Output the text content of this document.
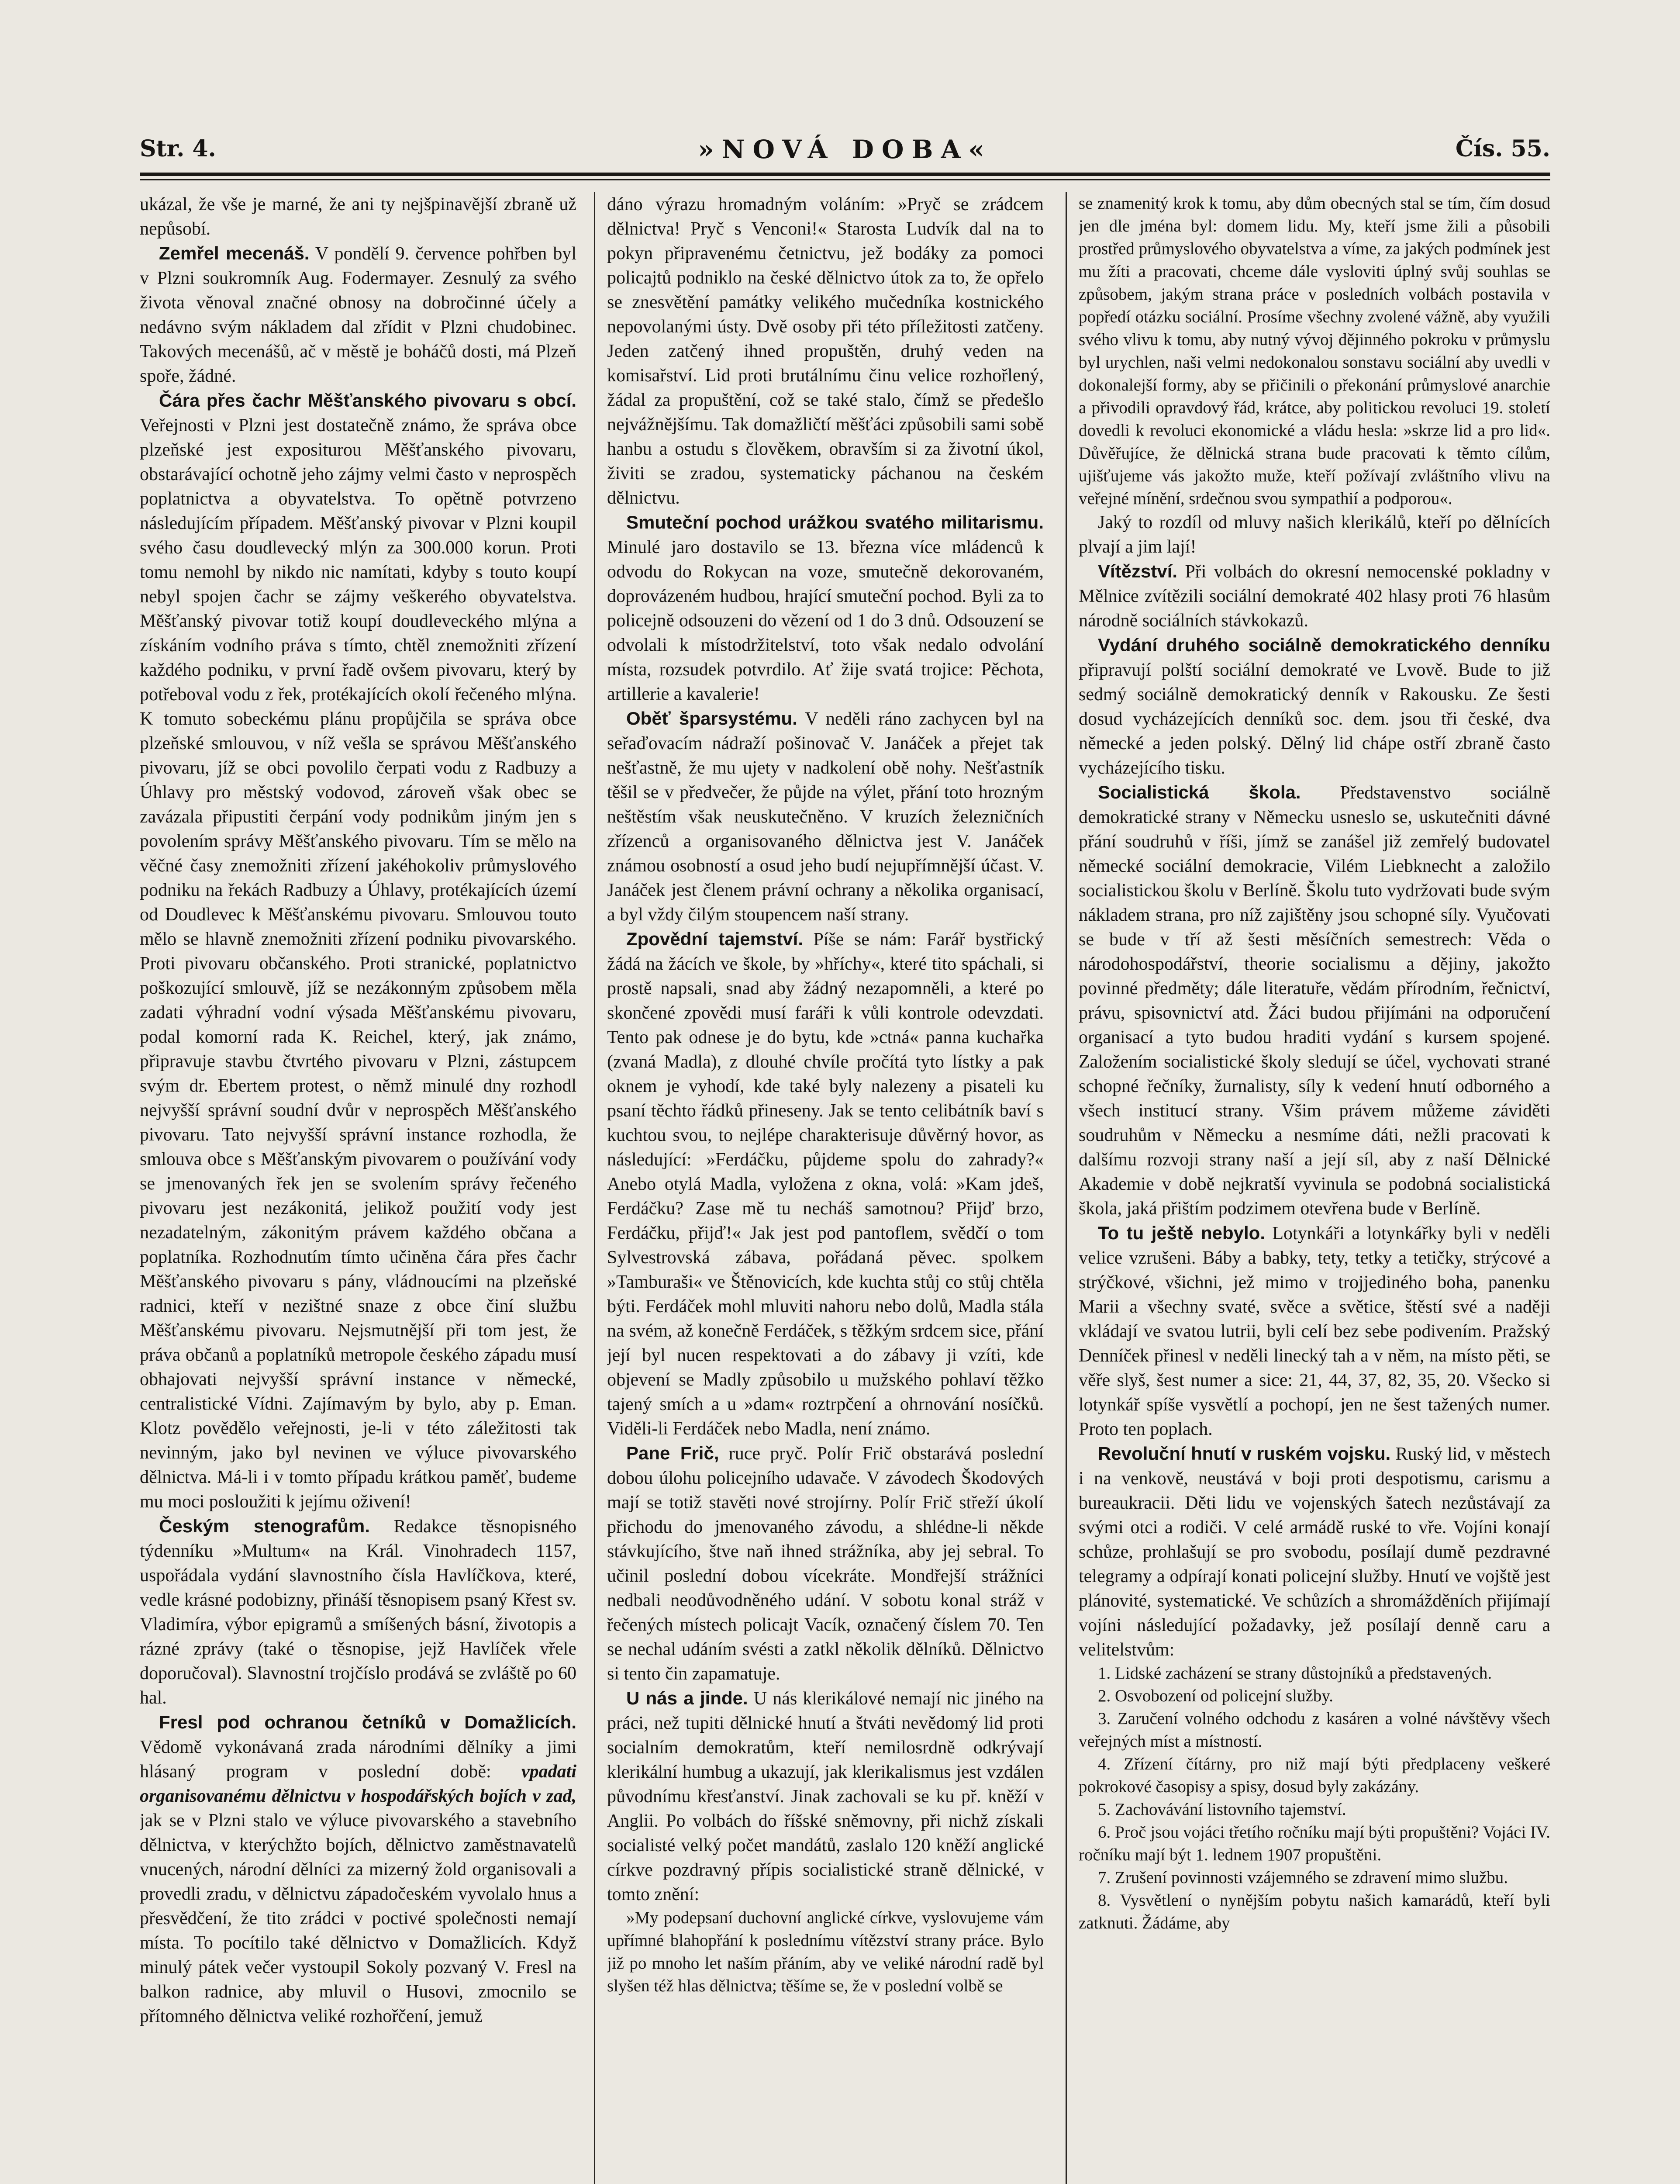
Str. 4.	»NOVÁ DOBA«	Čís. 55.

ukázal, že vše je marné, že ani ty nejšpinavější zbraně už nepůsobí.

Zemřel mecenáš. V pondělí 9. července pohřben byl v Plzni soukromník Aug. Fodermayer. Zesnulý za svého života věnoval značné obnosy na dobročinné účely a nedávno svým nákladem dal zřídit v Plzni chudobinec. Takových mecenášů, ač v městě je boháčů dosti, má Plzeň spoře, žádné.

Čára přes čachr Měšťanského pivovaru s obcí. Veřejnosti v Plzni jest dostatečně známo, že správa obce plzeňské jest expositurou Měšťanského pivovaru, obstarávající ochotně jeho zájmy velmi často v neprospěch poplatnictva a obyvatelstva. To opětně potvrzeno následujícím případem. Měšťanský pivovar v Plzni koupil svého času doudlevecký mlýn za 300.000 korun. Proti tomu nemohl by nikdo nic namítati, kdyby s touto koupí nebyl spojen čachr se zájmy veškerého obyvatelstva. Měšťanský pivovar totiž koupí doudleveckého mlýna a získáním vodního práva s tímto, chtěl znemožniti zřízení každého podniku, v první řadě ovšem pivovaru, který by potřeboval vodu z řek, protékajících okolí řečeného mlýna. K tomuto sobeckému plánu propůjčila se správa obce plzeňské smlouvou, v níž vešla se správou Měšťanského pivovaru, jíž se obci povolilo čerpati vodu z Radbuzy a Úhlavy pro městský vodovod, zároveň však obec se zavázala připustiti čerpání vody podnikům jiným jen s povolením správy Měšťanského pivovaru. Tím se mělo na věčné časy znemožniti zřízení jakéhokoliv průmyslového podniku na řekách Radbuzy a Úhlavy, protékajících území od Doudlevec k Měšťanskému pivovaru. Smlouvou touto mělo se hlavně znemožniti zřízení podniku pivovarského. Proti pivovaru občanského. Proti stranické, poplatnictvo poškozující smlouvě, jíž se nezákonným způsobem měla zadati výhradní vodní výsada Měšťanskému pivovaru, podal komorní rada K. Reichel, který, jak známo, připravuje stavbu čtvrtého pivovaru v Plzni, zástupcem svým dr. Ebertem protest, o němž minulé dny rozhodl nejvyšší správní soudní dvůr v neprospěch Měšťanského pivovaru. Tato nejvyšší správní instance rozhodla, že smlouva obce s Měšťanským pivovarem o používání vody se jmenovaných řek jen se svolením správy řečeného pivovaru jest nezákonitá, jelikož použití vody jest nezadatelným, zákonitým právem každého občana a poplatníka. Rozhodnutím tímto učiněna čára přes čachr Měšťanského pivovaru s pány, vládnoucími na plzeňské radnici, kteří v nezištné snaze z obce činí službu Měšťanskému pivovaru. Nejsmutnější při tom jest, že práva občanů a poplatníků metropole českého západu musí obhajovati nejvyšší správní instance v německé, centralistické Vídni. Zajímavým by bylo, aby p. Eman. Klotz povědělo veřejnosti, je-li v této záležitosti tak nevinným, jako byl nevinen ve výluce pivovarského dělnictva. Má-li i v tomto případu krátkou paměť, budeme mu moci posloužiti k jejímu oživení!

Českým stenografům. Redakce těsnopisného týdenníku »Multum« na Král. Vinohradech 1157, uspořádala vydání slavnostního čísla Havlíčkova, které, vedle krásné podobizny, přináší těsnopisem psaný Křest sv. Vladimíra, výbor epigramů a smíšených básní, životopis a rázné zprávy (také o těsnopise, jejž Havlíček vřele doporučoval). Slavnostní trojčíslo prodává se zvláště po 60 hal.

Fresl pod ochranou četníků v Domažlicích. Vědomě vykonávaná zrada národními dělníky a jimi hlásaný program v poslední době: vpadati organisovanému dělnictvu v hospodářských bojích v zad, jak se v Plzni stalo ve výluce pivovarského a stavebního dělnictva, v kterýchžto bojích, dělnictvo zaměstnavatelů vnucených, národní dělníci za mizerný žold organisovali a provedli zradu, v dělnictvu západočeském vyvolalo hnus a přesvědčení, že tito zrádci v poctivé společnosti nemají místa. To pocítilo také dělnictvo v Domažlicích. Když minulý pátek večer vystoupil Sokoly pozvaný V. Fresl na balkon radnice, aby mluvil o Husovi, zmocnilo se přítomného dělnictva veliké rozhořčení, jemuž

dáno výrazu hromadným voláním: »Pryč se zrádcem dělnictva! Pryč s Venconi!« Starosta Ludvík dal na to pokyn připravenému četnictvu, jež bodáky za pomoci policajtů podniklo na české dělnictvo útok za to, že opřelo se znesvětění památky velikého mučedníka kostnického nepovolanými ústy. Dvě osoby při této příležitosti zatčeny. Jeden zatčený ihned propuštěn, druhý veden na komisařství. Lid proti brutálnímu činu velice rozhořlený, žádal za propuštění, což se také stalo, čímž se předešlo nejvážnějšímu. Tak domažličtí měšťáci způsobili sami sobě hanbu a ostudu s člověkem, obravším si za životní úkol, živiti se zradou, systematicky páchanou na českém dělnictvu.

Smuteční pochod urážkou svatého militarismu. Minulé jaro dostavilo se 13. března více mládenců k odvodu do Rokycan na voze, smutečně dekorovaném, doprovázeném hudbou, hrající smuteční pochod. Byli za to policejně odsouzeni do vězení od 1 do 3 dnů. Odsouzení se odvolali k místodržitelství, toto však nedalo odvolání místa, rozsudek potvrdilo. Ať žije svatá trojice: Pěchota, artillerie a kavalerie!

Oběť šparsystému. V neděli ráno zachycen byl na seřaďovacím nádraží pošinovač V. Janáček a přejet tak nešťastně, že mu ujety v nadkolení obě nohy. Nešťastník těšil se v předvečer, že půjde na výlet, přání toto hrozným neštěstím však neuskutečněno. V kruzích železničních zřízenců a organisovaného dělnictva jest V. Janáček známou osobností a osud jeho budí nejupřímnější účast. V. Janáček jest členem právní ochrany a několika organisací, a byl vždy čilým stoupencem naší strany.

Zpovědní tajemství. Píše se nám: Farář bystřický žádá na žácích ve škole, by »hříchy«, které tito spáchali, si prostě napsali, snad aby žádný nezapomněli, a které po skončené zpovědi musí faráři k vůli kontrole odevzdati. Tento pak odnese je do bytu, kde »ctná« panna kuchařka (zvaná Madla), z dlouhé chvíle pročítá tyto lístky a pak oknem je vyhodí, kde také byly nalezeny a pisateli ku psaní těchto řádků přineseny. Jak se tento celibátník baví s kuchtou svou, to nejlépe charakterisuje důvěrný hovor, as následující: »Ferdáčku, půjdeme spolu do zahrady?« Anebo otylá Madla, vyložena z okna, volá: »Kam jdeš, Ferdáčku? Zase mě tu necháš samotnou? Přijď brzo, Ferdáčku, přijď!« Jak jest pod pantoflem, svědčí o tom Sylvestrovská zábava, pořádaná pěvec. spolkem »Tamburaši« ve Štěnovicích, kde kuchta stůj co stůj chtěla býti. Ferdáček mohl mluviti nahoru nebo dolů, Madla stála na svém, až konečně Ferdáček, s těžkým srdcem sice, přání její byl nucen respektovati a do zábavy ji vzíti, kde objevení se Madly způsobilo u mužského pohlaví těžko tajený smích a u »dam« roztrpčení a ohrnování nosíčků. Viděli-li Ferdáček nebo Madla, není známo.

Pane Frič, ruce pryč. Polír Frič obstarává poslední dobou úlohu policejního udavače. V závodech Škodových mají se totiž stavěti nové strojírny. Polír Frič střeží úkolí přichodu do jmenovaného závodu, a shlédne-li někde stávkujícího, štve naň ihned strážníka, aby jej sebral. To učinil poslední dobou vícekráte. Mondřejší strážníci nedbali neodůvodněného udání. V sobotu konal stráž v řečených místech policajt Vacík, označený číslem 70. Ten se nechal udáním svésti a zatkl několik dělníků. Dělnictvo si tento čin zapamatuje.

U nás a jinde. U nás klerikálové nemají nic jiného na práci, než tupiti dělnické hnutí a štváti nevědomý lid proti socialním demokratům, kteří nemilosrdně odkrývají klerikální humbug a ukazují, jak klerikalismus jest vzdálen původnímu křesťanství. Jinak zachovali se ku př. kněží v Anglii. Po volbách do říšské sněmovny, při nichž získali socialisté velký počet mandátů, zaslalo 120 kněží anglické církve pozdravný přípis socialistické straně dělnické, v tomto znění:

»My podepsaní duchovní anglické církve, vyslovujeme vám upřímné blahopřání k poslednímu vítězství strany práce. Bylo již po mnoho let naším přáním, aby ve veliké národní radě byl slyšen též hlas dělnictva; těšíme se, že v poslední volbě se

se znamenitý krok k tomu, aby dům obecných stal se tím, čím dosud jen dle jména byl: domem lidu. My, kteří jsme žili a působili prostřed průmyslového obyvatelstva a víme, za jakých podmínek jest mu žíti a pracovati, chceme dále vysloviti úplný svůj souhlas se způsobem, jakým strana práce v posledních volbách postavila v popředí otázku sociální. Prosíme všechny zvolené vážně, aby využili svého vlivu k tomu, aby nutný vývoj dějinného pokroku v průmyslu byl urychlen, naši velmi nedokonalou sonstavu sociální aby uvedli v dokonalejší formy, aby se přičinili o překonání průmyslové anarchie a přivodili opravdový řád, krátce, aby politickou revoluci 19. století dovedli k revoluci ekonomické a vládu hesla: »skrze lid a pro lid«. Důvěřujíce, že dělnická strana bude pracovati k těmto cílům, ujišťujeme vás jakožto muže, kteří požívají zvláštního vlivu na veřejné mínění, srdečnou svou sympathií a podporou«.

Jaký to rozdíl od mluvy našich klerikálů, kteří po dělnících plvají a jim lají!

Vítězství. Při volbách do okresní nemocenské pokladny v Mělnice zvítězili sociální demokraté 402 hlasy proti 76 hlasům národně sociálních stávkokazů.

Vydání druhého sociálně demokratického denníku připravují polští sociální demokraté ve Lvově. Bude to již sedmý sociálně demokratický denník v Rakousku. Ze šesti dosud vycházejících denníků soc. dem. jsou tři české, dva německé a jeden polský. Dělný lid chápe ostří zbraně často vycházejícího tisku.

Socialistická škola. Představenstvo sociálně demokratické strany v Německu usneslo se, uskutečniti dávné přání soudruhů v říši, jímž se zanášel již zemřelý budovatel německé sociální demokracie, Vilém Liebknecht a založilo socialistickou školu v Berlíně. Školu tuto vydržovati bude svým nákladem strana, pro níž zajištěny jsou schopné síly. Vyučovati se bude v tří až šesti měsíčních semestrech: Věda o národohospodářství, theorie socialismu a dějiny, jakožto povinné předměty; dále literatuře, vědám přírodním, řečnictví, právu, spisovnictví atd. Žáci budou přijímáni na odporučení organisací a tyto budou hraditi vydání s kursem spojené. Založením socialistické školy sledují se účel, vychovati strané schopné řečníky, žurnalisty, síly k vedení hnutí odborného a všech institucí strany. Všim právem můžeme záviděti soudruhům v Německu a nesmíme dáti, nežli pracovati k dalšímu rozvoji strany naší a její síl, aby z naší Dělnické Akademie v době nejkratší vyvinula se podobná socialistická škola, jaká přištím podzimem otevřena bude v Berlíně.

To tu ještě nebylo. Lotynkáři a lotynkářky byli v neděli velice vzrušeni. Báby a babky, tety, tetky a tetičky, strýcové a strýčkové, všichni, jež mimo v trojjediného boha, panenku Marii a všechny svaté, svěce a světice, štěstí své a naději vkládají ve svatou lutrii, byli celí bez sebe podivením. Pražský Denníček přinesl v neděli linecký tah a v něm, na místo pěti, se věře slyš, šest numer a sice: 21, 44, 37, 82, 35, 20. Všecko si lotynkář spíše vysvětlí a pochopí, jen ne šest tažených numer. Proto ten poplach.

Revoluční hnutí v ruském vojsku. Ruský lid, v městech i na venkově, neustává v boji proti despotismu, carismu a bureaukracii. Děti lidu ve vojenských šatech nezůstávají za svými otci a rodiči. V celé armádě ruské to vře. Vojíni konají schůze, prohlašují se pro svobodu, posílají dumě pezdravné telegramy a odpírají konati policejní služby. Hnutí ve vojště jest plánovité, systematické. Ve schůzích a shromážděních přijímají vojíni následující požadavky, jež posílají denně caru a velitelstvům:

1. Lidské zacházení se strany důstojníků a představených.

2. Osvobození od policejní služby.

3. Zaručení volného odchodu z kasáren a volné návštěvy všech veřejných míst a místností.

4. Zřízení čítárny, pro niž mají býti předplaceny veškeré pokrokové časopisy a spisy, dosud byly zakázány.

5. Zachovávání listovního tajemství.

6. Proč jsou vojáci třetího ročníku mají býti propuštěni? Vojáci IV. ročníku mají být 1. lednem 1907 propuštěni.

7. Zrušení povinnosti vzájemného se zdravení mimo službu.

8. Vysvětlení o nynějším pobytu našich kamarádů, kteří byli zatknuti. Žádáme, aby
